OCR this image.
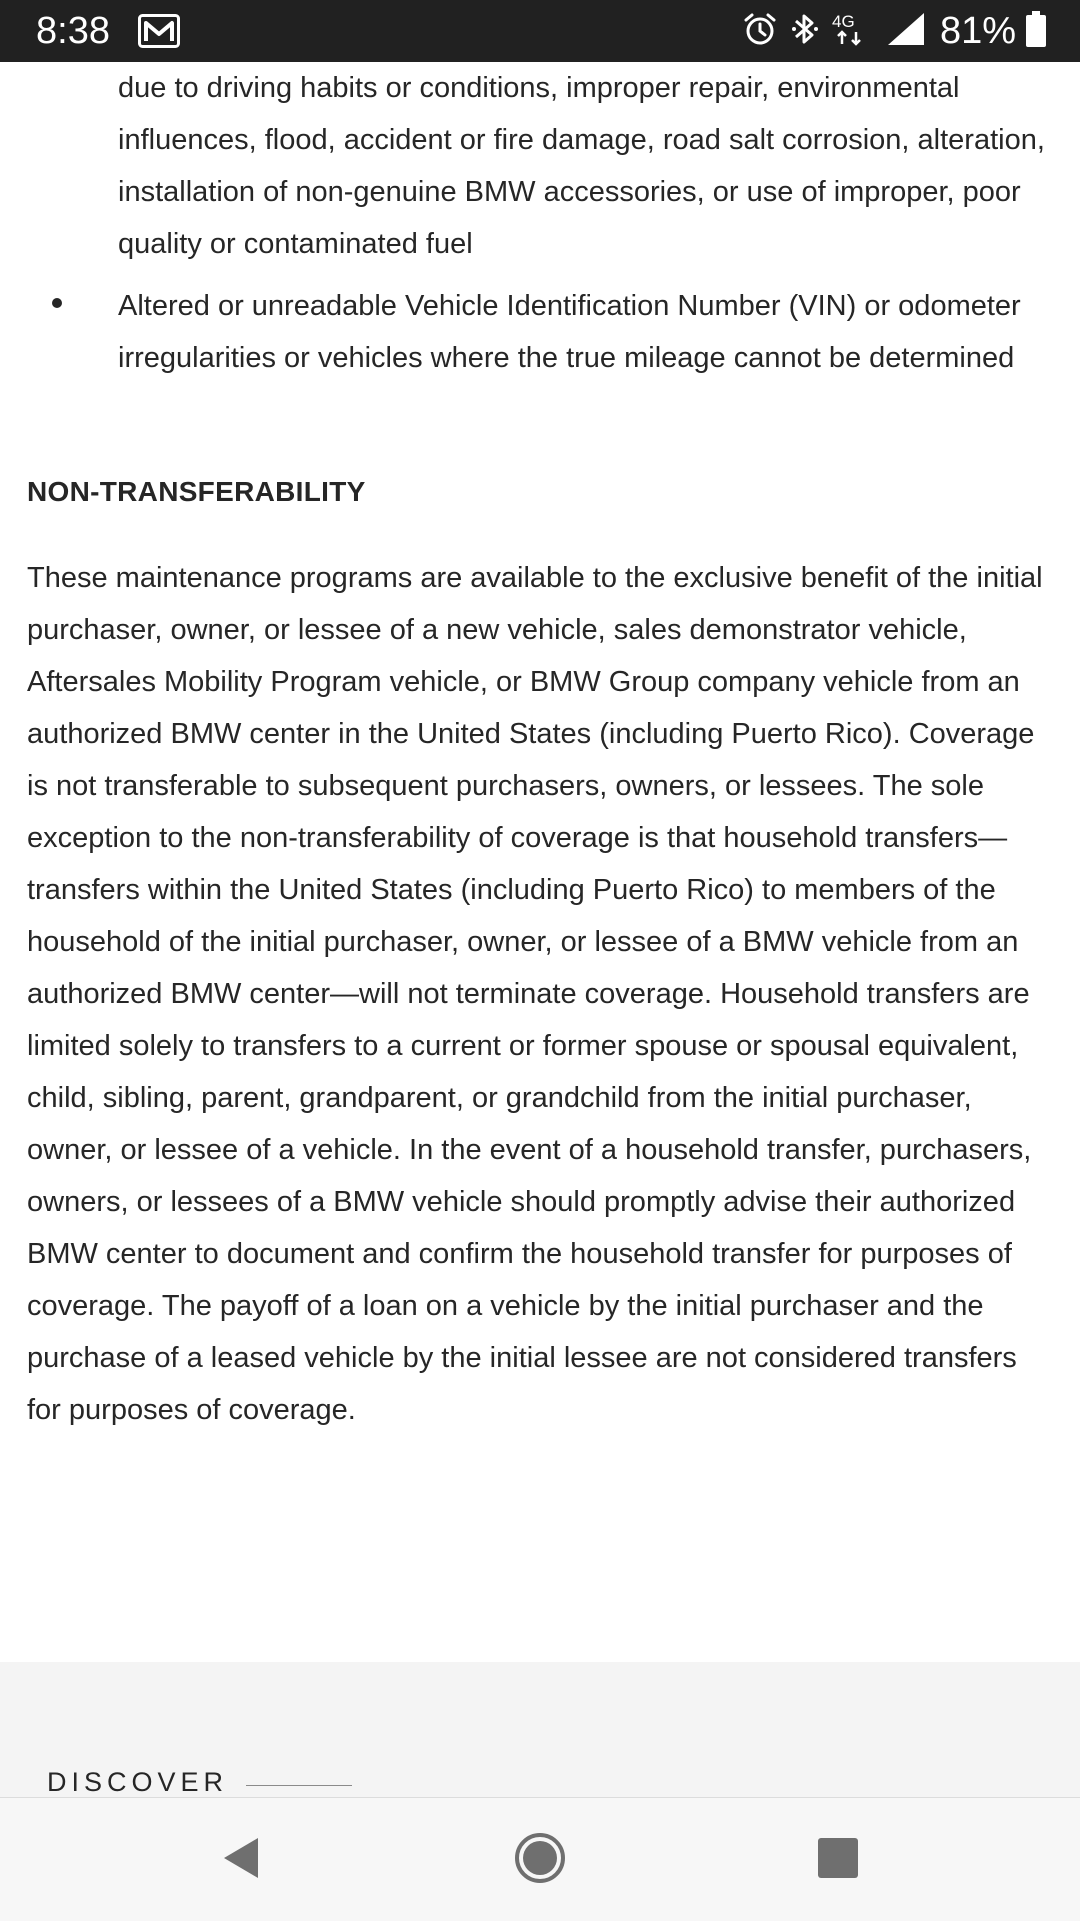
8:38	4G 81%
due to driving habits or conditions, improper repair, environmental influences, flood, accident or fire damage, road salt corrosion, alteration, installation of non-genuine BMW accessories, or use of improper, poor quality or contaminated fuel
Altered or unreadable Vehicle Identification Number (VIN) or odometer irregularities or vehicles where the true mileage cannot be determined
NON-TRANSFERABILITY
These maintenance programs are available to the exclusive benefit of the initial purchaser, owner, or lessee of a new vehicle, sales demonstrator vehicle, Aftersales Mobility Program vehicle, or BMW Group company vehicle from an authorized BMW center in the United States (including Puerto Rico). Coverage is not transferable to subsequent purchasers, owners, or lessees. The sole exception to the non-transferability of coverage is that household transfers—transfers within the United States (including Puerto Rico) to members of the household of the initial purchaser, owner, or lessee of a BMW vehicle from an authorized BMW center—will not terminate coverage. Household transfers are limited solely to transfers to a current or former spouse or spousal equivalent, child, sibling, parent, grandparent, or grandchild from the initial purchaser, owner, or lessee of a vehicle. In the event of a household transfer, purchasers, owners, or lessees of a BMW vehicle should promptly advise their authorized BMW center to document and confirm the household transfer for purposes of coverage. The payoff of a loan on a vehicle by the initial purchaser and the purchase of a leased vehicle by the initial lessee are not considered transfers for purposes of coverage.
DISCOVER
